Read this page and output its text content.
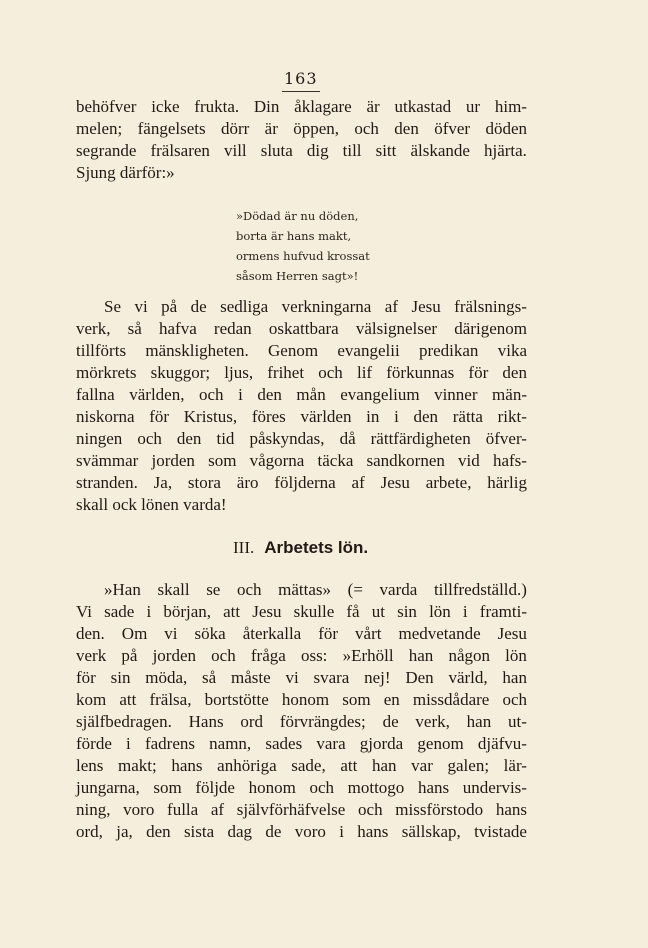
163
behöfver icke frukta. Din åklagare är utkastad ur him-
melen; fängelsets dörr är öppen, och den öfver döden
segrande frälsaren vill sluta dig till sitt älskande hjärta.
Sjung därför:»
»Dödad är nu döden,
borta är hans makt,
ormens hufvud krossat
såsom Herren sagt»!
Se vi på de sedliga verkningarna af Jesu frälsnings-
verk, så hafva redan oskattbara välsignelser därigenom
tillförts mänskligheten. Genom evangelii predikan vika
mörkrets skuggor; ljus, frihet och lif förkunnas för den
fallna världen, och i den mån evangelium vinner män-
niskorna för Kristus, föres världen in i den rätta rikt-
ningen och den tid påskyndas, då rättfärdigheten öfver-
svämmar jorden som vågorna täcka sandkornen vid hafs-
stranden. Ja, stora äro följderna af Jesu arbete, härlig
skall ock lönen varda!
III. Arbetets lön.
»Han skall se och mättas» (= varda tillfredställd.)
Vi sade i början, att Jesu skulle få ut sin lön i framti-
den. Om vi söka återkalla för vårt medvetande Jesu
verk på jorden och fråga oss: »Erhöll han någon lön
för sin möda, så måste vi svara nej! Den värld, han
kom att frälsa, bortstötte honom som en missdådare och
själfbedragen. Hans ord förvrängdes; de verk, han ut-
förde i fadrens namn, sades vara gjorda genom djäfvu-
lens makt; hans anhöriga sade, att han var galen; lär-
jungarna, som följde honom och mottogo hans undervis-
ning, voro fulla af självförhäfvelse och missförstodo hans
ord, ja, den sista dag de voro i hans sällskap, tvistade
